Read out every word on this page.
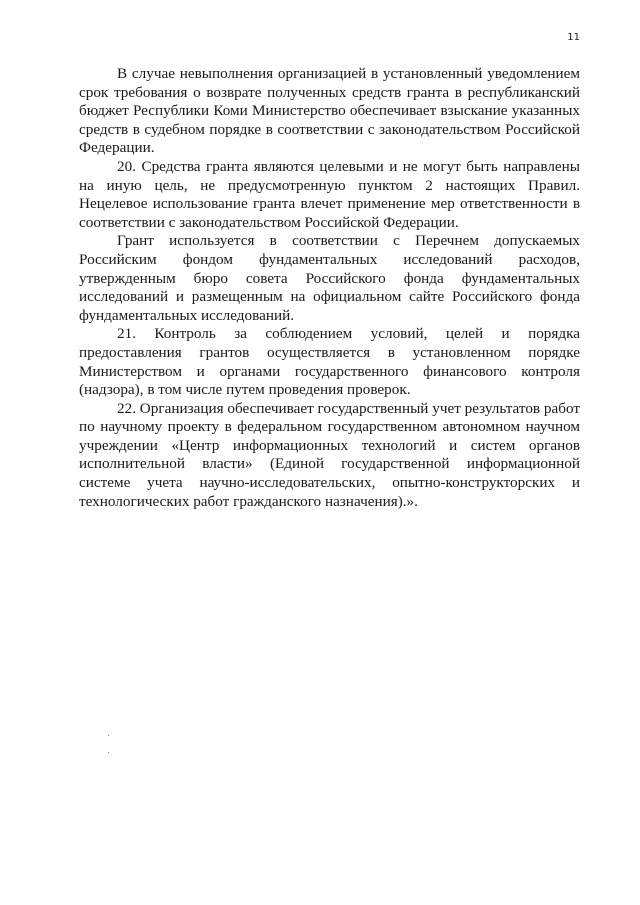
11

В случае невыполнения организацией в установленный уведомлением срок требования о возврате полученных средств гранта в республиканский бюджет Республики Коми Министерство обеспечивает взыскание указанных средств в судебном порядке в соответствии с законодательством Российской Федерации.

20. Средства гранта являются целевыми и не могут быть направлены на иную цель, не предусмотренную пунктом 2 настоящих Правил. Нецелевое использование гранта влечет применение мер ответственности в соответствии с законодательством Российской Федерации.

Грант используется в соответствии с Перечнем допускаемых Российским фондом фундаментальных исследований расходов, утвержденным бюро совета Российского фонда фундаментальных исследований и размещенным на официальном сайте Российского фонда фундаментальных исследований.

21. Контроль за соблюдением условий, целей и порядка предоставления грантов осуществляется в установленном порядке Министерством и органами государственного финансового контроля (надзора), в том числе путем проведения проверок.

22. Организация обеспечивает государственный учет результатов работ по научному проекту в федеральном государственном автономном научном учреждении «Центр информационных технологий и систем органов исполнительной власти» (Единой государственной информационной системе учета научно-исследовательских, опытно-конструкторских и технологических работ гражданского назначения).».
